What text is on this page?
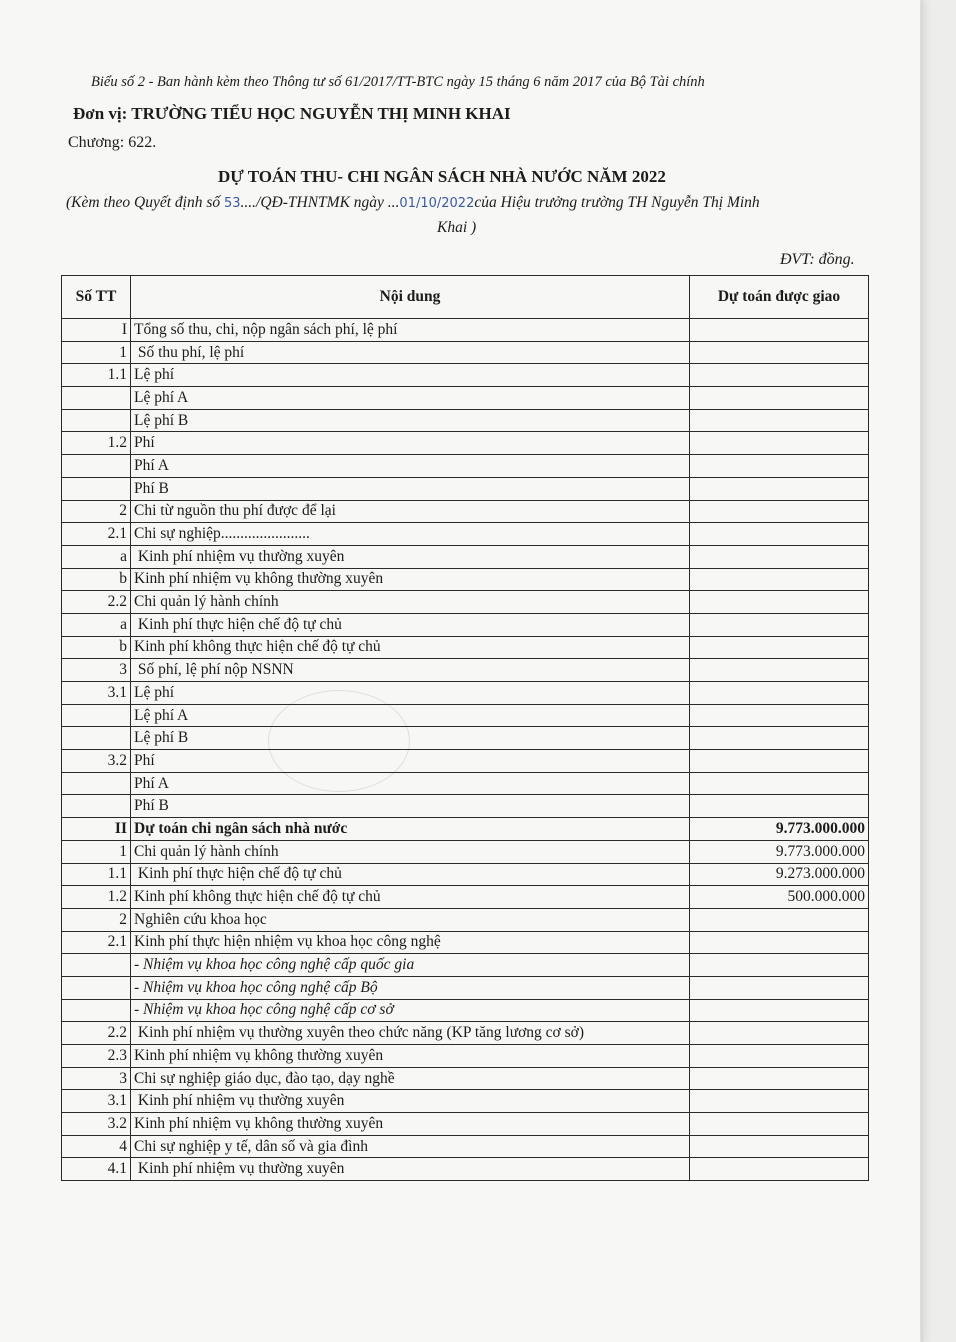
Biểu số 2 - Ban hành kèm theo Thông tư số 61/2017/TT-BTC ngày 15 tháng 6 năm 2017 của Bộ Tài chính
Đơn vị: TRƯỜNG TIỂU HỌC NGUYỄN THỊ MINH KHAI
Chương: 622.
DỰ TOÁN THU- CHI NGÂN SÁCH NHÀ NƯỚC NĂM 2022
(Kèm theo Quyết định số 53..../QĐ-THNTMK ngày ...01/10/2022của Hiệu trưởng trường TH Nguyễn Thị Minh
Khai )
ĐVT: đồng.
Số TT	Nội dung	Dự toán được giao
I	Tổng số thu, chi, nộp ngân sách phí, lệ phí	
1	Số thu phí, lệ phí	
1.1	Lệ phí	
	Lệ phí A	
	Lệ phí B	
1.2	Phí	
	Phí A	
	Phí B	
2	Chi từ nguồn thu phí được để lại	
2.1	Chi sự nghiệp.......................	
a	Kinh phí nhiệm vụ thường xuyên	
b	Kinh phí nhiệm vụ không thường xuyên	
2.2	Chi quản lý hành chính	
a	Kinh phí thực hiện chế độ tự chủ	
b	Kinh phí không thực hiện chế độ tự chủ	
3	Số phí, lệ phí nộp NSNN	
3.1	Lệ phí	
	Lệ phí A	
	Lệ phí B	
3.2	Phí	
	Phí A	
	Phí B	
II	Dự toán chi ngân sách nhà nước	9.773.000.000
1	Chi quản lý hành chính	9.773.000.000
1.1	Kinh phí thực hiện chế độ tự chủ	9.273.000.000
1.2	Kinh phí không thực hiện chế độ tự chủ	500.000.000
2	Nghiên cứu khoa học	
2.1	Kinh phí thực hiện nhiệm vụ khoa học công nghệ	
	- Nhiệm vụ khoa học công nghệ cấp quốc gia	
	- Nhiệm vụ khoa học công nghệ cấp Bộ	
	- Nhiệm vụ khoa học công nghệ cấp cơ sở	
2.2	Kinh phí nhiệm vụ thường xuyên theo chức năng (KP tăng lương cơ sở)	
2.3	Kinh phí nhiệm vụ không thường xuyên	
3	Chi sự nghiệp giáo dục, đào tạo, dạy nghề	
3.1	Kinh phí nhiệm vụ thường xuyên	
3.2	Kinh phí nhiệm vụ không thường xuyên	
4	Chi sự nghiệp y tế, dân số và gia đình	
4.1	Kinh phí nhiệm vụ thường xuyên	
